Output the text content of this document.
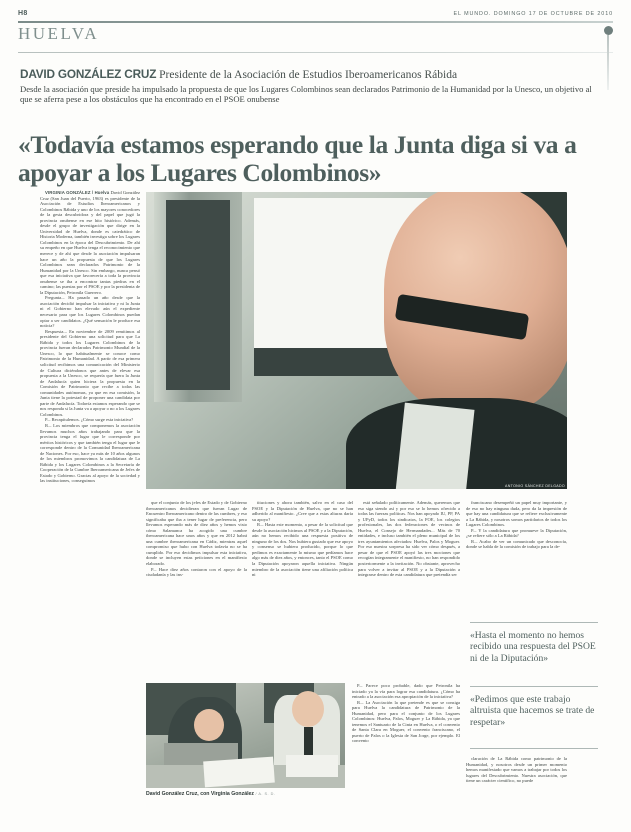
H8	EL MUNDO. DOMINGO 17 DE OCTUBRE DE 2010
HUELVA
DAVID GONZÁLEZ CRUZ Presidente de la Asociación de Estudios Iberoamericanos Rábida
Desde la asociación que preside ha impulsado la propuesta de que los Lugares Colombinos sean declarados Patrimonio de la Humanidad por la Unesco, un objetivo al que se aferra pese a los obstáculos que ha encontrado en el PSOE onubense
«Todavía estamos esperando que la Junta diga si va a apoyar a los Lugares Colombinos»
ANTONIO SÁNCHEZ DELGADO

VIRGINIA GONZÁLEZ / Huelva David González Cruz (San Juan del Puerto, 1963) es presidente de la Asociación de Estudios Iberoamericanos y Colombinos Rábida y uno de los mayores conocedores de la gesta descubridora y del papel que jugó la provincia onubense en ese hito histórico. Además, desde el grupo de investigación que dirige en la Universidad de Huelva, donde es catedrático de Historia Moderna, también investiga sobre los Lugares Colombinos en la época del Descubrimiento. De ahí su empeño en que Huelva tenga el reconocimiento que merece y de ahí que desde la asociación impulsaran hace un año la propuesta de que los Lugares Colombinos sean declarados Patrimonio de la Humanidad por la Unesco. Sin embargo, nunca pensó que esa iniciativa que favorecería a toda la provincia onubense se iba a encontrar tantas piedras en el camino; las puestas por el PSOE y por la presidenta de la Diputación, Petronila Guerrero.

Pregunta.– Ha pasado un año desde que la asociación decidió impulsar la iniciativa y ni la Junta ni el Gobierno han elevado aún el expediente necesario para que los Lugares Colombinos puedan optar a ser candidatos. ¿Qué sensación le produce esa noticia?

Respuesta.– En noviembre de 2009 remitimos al presidente del Gobierno una solicitud para que La Rábida y todos los Lugares Colombinos de la provincia fueran declarados Patrimonio Mundial de la Unesco, lo que habitualmente se conoce como Patrimonio de la Humanidad. A partir de esa primera solicitud recibimos una comunicación del Ministerio de Cultura diciéndonos que antes de elevar esa propuesta a la Unesco, se requería que fuera la Junta de Andalucía quien hiciera la propuesta en la Comisión de Patrimonio que recibe a todas las comunidades autónomas, ya que en esa comisión, la Junta tiene la potestad de proponer una candidata por parte de Andalucía. Todavía estamos esperando que se nos responda si la Junta va a apoyar o no a los Lugares Colombinos.

P.– Recapitulemos. ¿Cómo surge esta iniciativa?

R.– Los miembros que componemos la asociación llevamos muchos años trabajando para que la provincia tenga el lugar que le corresponde por méritos históricos y que también tenga el lugar que le corresponde dentro de la Comunidad Iberoamericana de Naciones. Por eso, hace ya más de 10 años algunos de los miembros promovimos la candidatura de La Rábida y los Lugares Colombinos a la Secretaría de Cooperación de la Cumbre Iberoamericana de Jefes de Estado y Gobierno. Gracias al apoyo de la sociedad y las instituciones, conseguimos

que el conjunto de los jefes de Estado y de Gobierno iberoamericanos decidieran que fueran Lugar de Encuentro Iberoamericano dentro de las cumbres, y eso significaba que iba a tener lugar de preferencia, pero llevamos esperando más de diez años y hemos visto cómo Salamanca ha acogido una cumbre iberoamericana hace unos años y que en 2012 habrá una cumbre iberoamericana en Cádiz, mientras aquel compromiso que hubo con Huelva todavía no se ha cumplido. Por eso decidimos impulsar esta iniciativa, donde se incluyen estas peticiones en el manifiesto elaborado.

P.– Hace diez años contaron con el apoyo de la ciudadanía y las ins-

tituciones y ahora también, salvo en el caso del PSOE y la Diputación de Huelva, que no se han adherido al manifiesto. ¿Cree que a estas alturas daría su apoyo?

R.– Hasta este momento, a pesar de la solicitud que desde la asociación hicimos al PSOE y a la Diputación, aún no hemos recibido una respuesta positiva de ninguno de los dos. Nos hubiera gustado que ese apoyo y consenso se hubiera producido, porque lo que pedimos es exactamente lo mismo que pedíamos hace algo más de diez años, y entonces, tanto el PSOE como la Diputación apoyaron aquella iniciativa. Ningún miembro de la asociación tiene una afiliación política ni

está señalado políticamente. Además, queremos que eso siga siendo así y por eso se lo hemos ofrecido a todas las fuerzas políticas. Nos han apoyado IU, PP, PA y UPyD, todos los sindicatos, la FOE, los colegios profesionales, las dos federaciones de vecinos de Huelva, el Consejo de Hermandades... Más de 70 entidades, e incluso también el pleno municipal de los tres ayuntamientos afectados: Huelva, Palos y Moguer. Por eso nuestra sorpresa ha sido ver cómo después, a pesar de que el PSOE apoyó las tres mociones que recogían íntegramente el manifiesto, no han respondido posteriormente a la invitación. No obstante, aprovecho para volver a invitar al PSOE y a la Diputación a integrarse dentro de esta candidatura que pretendía ser

franciscano desempeñó un papel muy importante, y de eso no hay ninguna duda, pero da la impresión de que hay una candidatura que se refiere exclusivamente a La Rábida, y nosotros somos partidarios de todos los Lugares Colombinos.

P.– Y la candidatura que promueve la Diputación, ¿se refiere sólo a La Rábida?

R.– Acabo de ver un comunicado que desconocía, donde se habla de la comisión de trabajo para la de-

«Hasta el momento no hemos recibido una respuesta del PSOE ni de la Diputación»
«Pedimos que este trabajo altruista que hacemos se trate de respetar»

claración de La Rábida como patrimonio de la Humanidad, y nosotros desde un primer momento hemos manifestado que vamos a trabajar por todos los lugares del Descubrimiento. Nuestra asociación, que tiene un carácter científico, no puede

P.– Parece poco probable, dado que Petronila ha iniciado ya la vía para lograr esa candidatura. ¿Cómo ha entrado a la asociación esa apropiación de la iniciativa?

R.– La Asociación la que pretende es que se consiga para Huelva la candidatura de Patrimonio de la Humanidad, pero para el conjunto de los Lugares Colombinos: Huelva, Palos, Moguer y La Rábida, ya que tenemos el Santuario de la Cinta en Huelva, o el convento de Santa Clara en Moguer, el convento franciscano, el puerto de Palos o la Iglesia de San Jorge, por ejemplo. El convento

David González Cruz, con Virginia González / A. S. D.
